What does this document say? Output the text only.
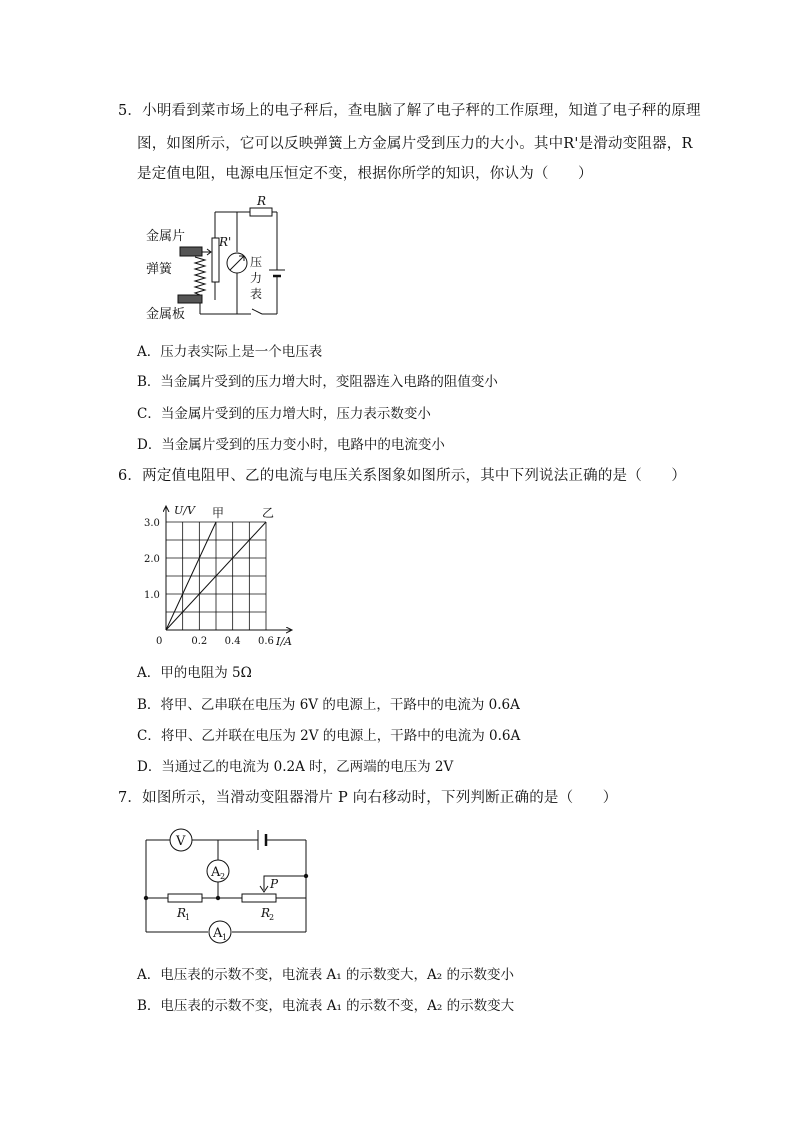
5．小明看到菜市场上的电子秤后，查电脑了解了电子秤的工作原理，知道了电子秤的原理
图，如图所示，它可以反映弹簧上方金属片受到压力的大小。其中R'是滑动变阻器，R
是定值电阻，电源电压恒定不变，根据你所学的知识，你认为（　　）
R
R'
金属片
弹簧
金属板
压
力
表
A．压力表实际上是一个电压表
B．当金属片受到的压力增大时，变阻器连入电路的阻值变小
C．当金属片受到的压力增大时，压力表示数变小
D．当金属片受到的压力变小时，电路中的电流变小
6．两定值电阻甲、乙的电流与电压关系图象如图所示，其中下列说法正确的是（　　）
甲	乙
0	0.2 0.4 0.6
1.0
2.0
3.0
U/V
I/A
A．甲的电阻为 5Ω
B．将甲、乙串联在电压为 6V 的电源上，干路中的电流为 0.6A
C．将甲、乙并联在电压为 2V 的电源上，干路中的电流为 0.6A
D．当通过乙的电流为 0.2A 时，乙两端的电压为 2V
7．如图所示，当滑动变阻器滑片 P 向右移动时，下列判断正确的是（　　）
V
A 2
A 1
P
R
1	R
2
A．电压表的示数不变，电流表 A₁ 的示数变大，A₂ 的示数变小
B．电压表的示数不变，电流表 A₁ 的示数不变，A₂ 的示数变大
